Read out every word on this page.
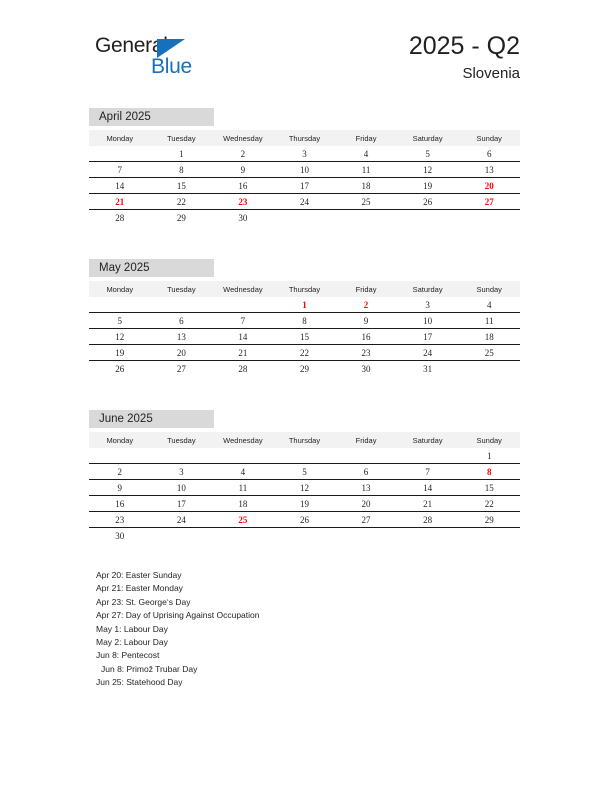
General
Blue
2025 - Q2
Slovenia
April 2025
Monday	Tuesday	Wednesday	Thursday	Friday	Saturday	Sunday
	1	2	3	4	5	6
7	8	9	10	11	12	13
14	15	16	17	18	19	20
21	22	23	24	25	26	27
28	29	30				
May 2025
Monday	Tuesday	Wednesday	Thursday	Friday	Saturday	Sunday
			1	2	3	4
5	6	7	8	9	10	11
12	13	14	15	16	17	18
19	20	21	22	23	24	25
26	27	28	29	30	31	
June 2025
Monday	Tuesday	Wednesday	Thursday	Friday	Saturday	Sunday
						1
2	3	4	5	6	7	8
9	10	11	12	13	14	15
16	17	18	19	20	21	22
23	24	25	26	27	28	29
30						
Apr 20: Easter Sunday
Apr 21: Easter Monday
Apr 23: St. George‘s Day
Apr 27: Day of Uprising Against Occupation
May 1: Labour Day
May 2: Labour Day
Jun 8: Pentecost
Jun 8: Primož Trubar Day
Jun 25: Statehood Day
